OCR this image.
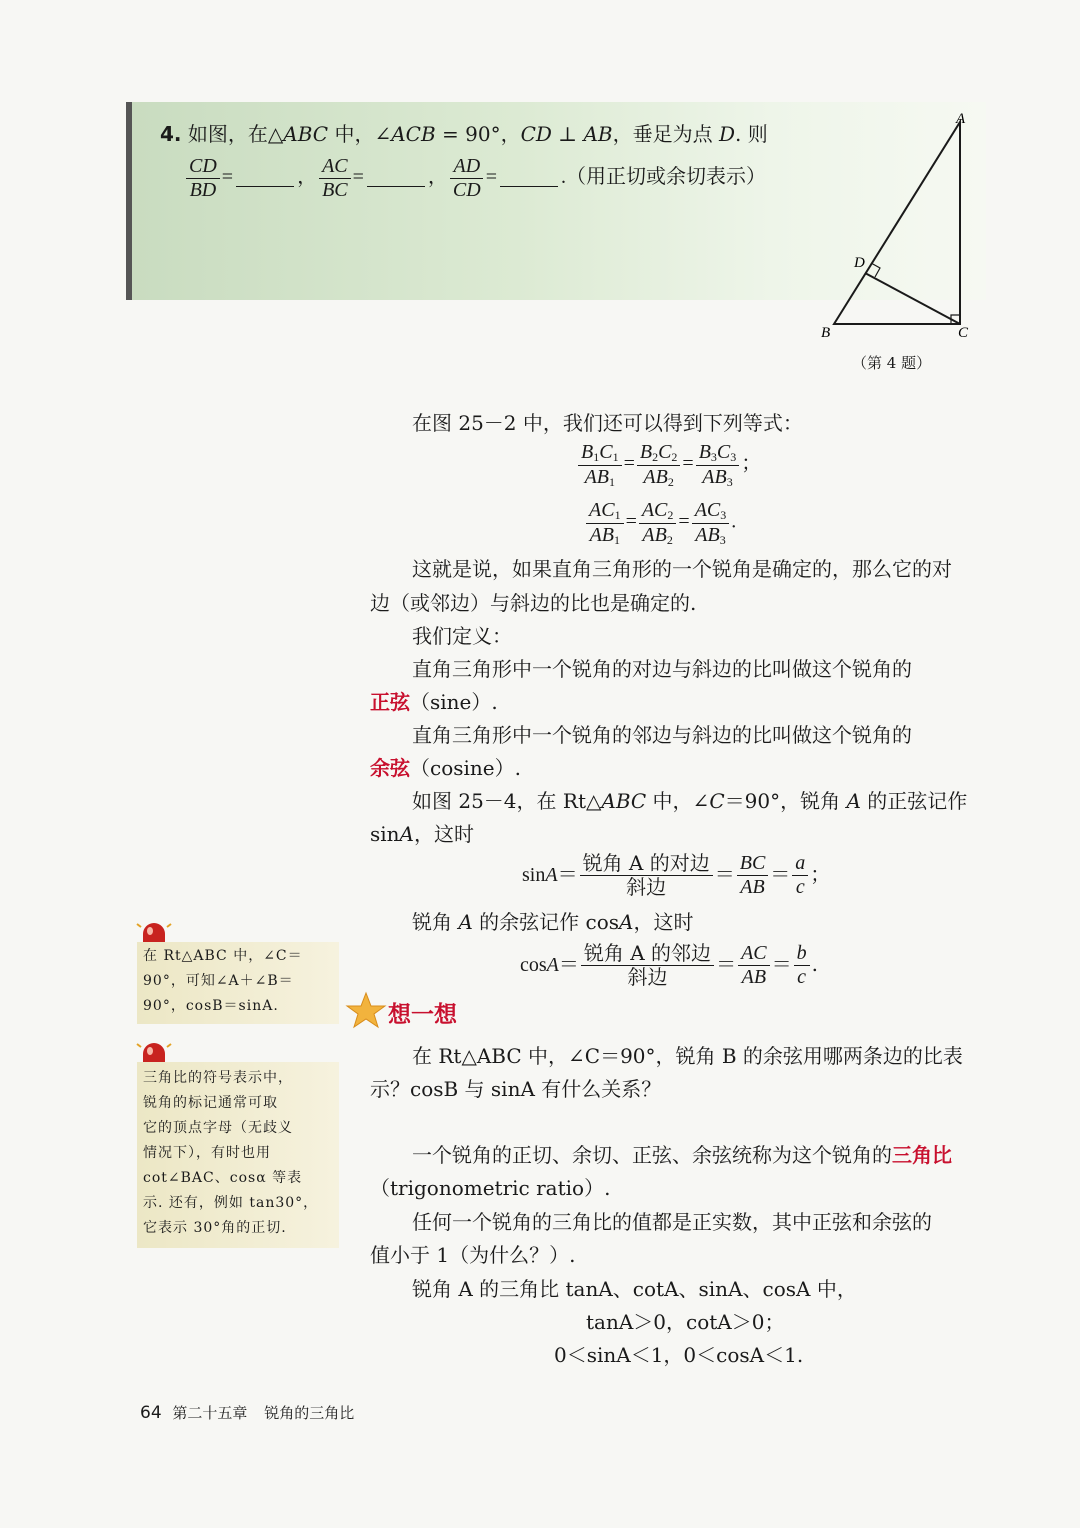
4. 如图，在△ABC 中，∠ACB = 90°，CD ⊥ AB，垂足为点 D. 则
$\frac{CD}{BD}$ =	， $\frac{AC}{BC}$ =	， $\frac{AD}{CD}$ =	.（用正切或余切表示）
A
B	C
D
（第 4 题）
在图 25－2 中，我们还可以得到下列等式：
$\frac{B_1C_1}{AB_1} = \frac{B_2C_2}{AB_2} = \frac{B_3C_3}{AB_3}$ ；
$\frac{AC_1}{AB_1} = \frac{AC_2}{AB_2} = \frac{AC_3}{AB_3}$ .
这就是说，如果直角三角形的一个锐角是确定的，那么它的对
边（或邻边）与斜边的比也是确定的.
我们定义：
直角三角形中一个锐角的对边与斜边的比叫做这个锐角的
正弦（sine）.
直角三角形中一个锐角的邻边与斜边的比叫做这个锐角的
余弦（cosine）.
如图 25－4，在 Rt△ABC 中，∠C＝90°，锐角 A 的正弦记作
sinA，这时
$\sin A= \frac{\text{锐角 A 的对边}}{\text{斜边}} = \frac{BC}{AB} = \frac{a}{c}$ ；
锐角 A 的余弦记作 cosA，这时
$\cos A= \frac{\text{锐角 A 的邻边}}{\text{斜边}} = \frac{AC}{AB} = \frac{b}{c}$ .
想一想
在 Rt△ABC 中，∠C＝90°，锐角 B 的余弦用哪两条边的比表
示？cosB 与 sinA 有什么关系？
一个锐角的正切、余切、正弦、余弦统称为这个锐角的三角比
（trigonometric ratio）.
任何一个锐角的三角比的值都是正实数，其中正弦和余弦的
值小于 1（为什么？）.
锐角 A 的三角比 tanA、cotA、sinA、cosA 中，
tanA＞0，cotA＞0；
0＜sinA＜1，0＜cosA＜1.
在 Rt△ABC 中，∠C＝
90°，可知∠A＋∠B＝
90°，cosB＝sinA.
三角比的符号表示中，
锐角的标记通常可取
它的顶点字母（无歧义
情况下），有时也用
cot∠BAC、cosα 等表
示. 还有，例如 tan30°，
它表示 30°角的正切.
64 第二十五章 锐角的三角比
